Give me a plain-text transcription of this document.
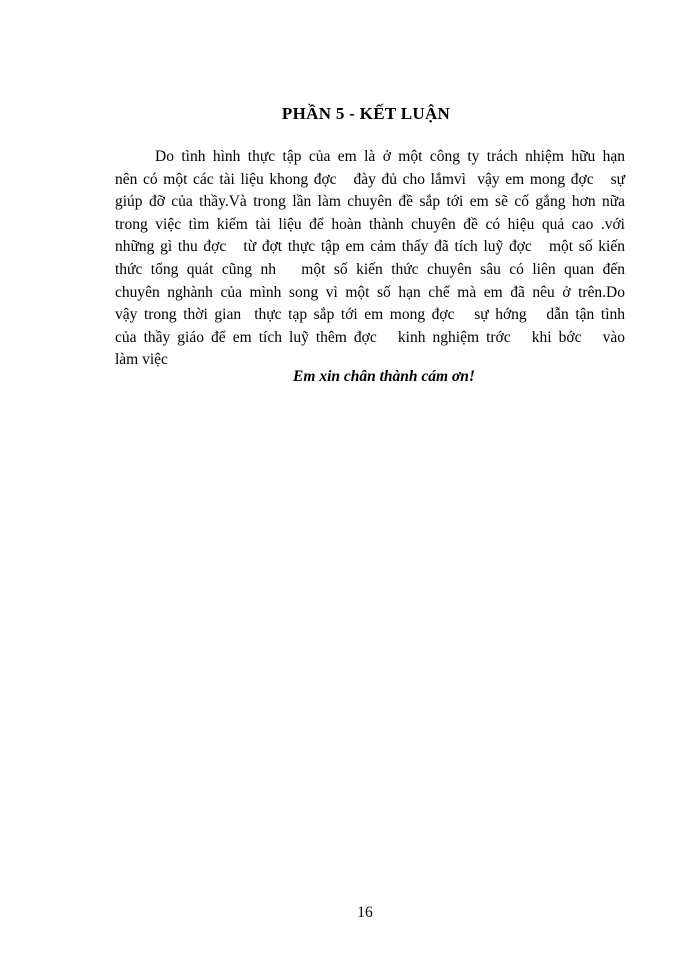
PHẦN 5 - KẾT LUẬN
Do tình hình thực tập của em là ở một công ty trách nhiệm hữu hạn
nên có một các tài liệu khong đợc   đày đủ cho lắmvì  vậy em mong đợc   sự
giúp đỡ của thầy.Và trong lần làm chuyên đề sắp tới em sẽ cố gắng hơn nữa
trong việc tìm kiếm tài liệu để hoàn thành chuyên đề có hiệu quả cao .với
những gì thu đợc   từ đợt thực tập em cảm thấy đã tích luỹ đợc   một số kiến
thức tổng quát cũng nh   một số kiến thức chuyên sâu có liên quan đến
chuyên nghành của mình song vì một số hạn chế mà em đã nêu ở trên.Do
vậy trong thời gian  thực tạp sắp tới em mong đợc   sự hớng   dẫn tận tình
của thầy giáo để em tích luỹ thêm đợc   kinh nghiệm trớc   khi bớc   vào
làm việc
Em xin chân thành cám ơn!
16
